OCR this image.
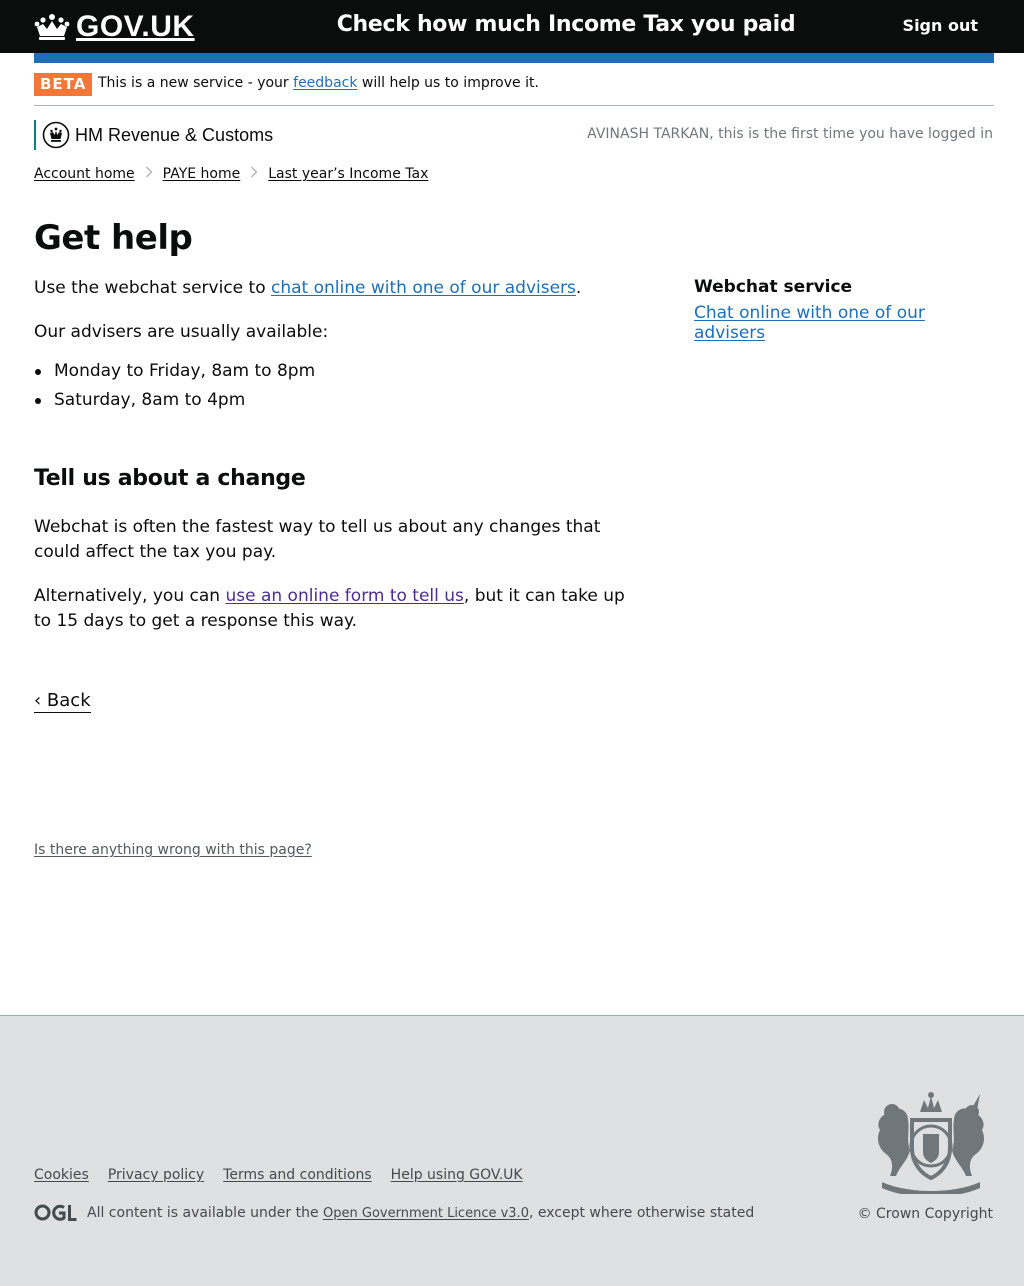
GOV.UK	Check how much Income Tax you paid	Sign out
BETA This is a new service - your feedback will help us to improve it.
HM Revenue & Customs	AVINASH TARKAN, this is the first time you have logged in
Account home PAYE home Last year’s Income Tax
Get help

Use the webchat service to chat online with one of our advisers.

Our advisers are usually available:

Monday to Friday, 8am to 8pm
Saturday, 8am to 4pm
Tell us about a change

Webchat is often the fastest way to tell us about any changes that could affect the tax you pay.

Alternatively, you can use an online form to tell us, but it can take up to 15 days to get a response this way.

Webchat service
Chat online with one of our advisers
‹ Back
Is there anything wrong with this page?
Cookies Privacy policy Terms and conditions Help using GOV.UK
All content is available under the Open Government Licence v3.0, except where otherwise stated	© Crown Copyright
